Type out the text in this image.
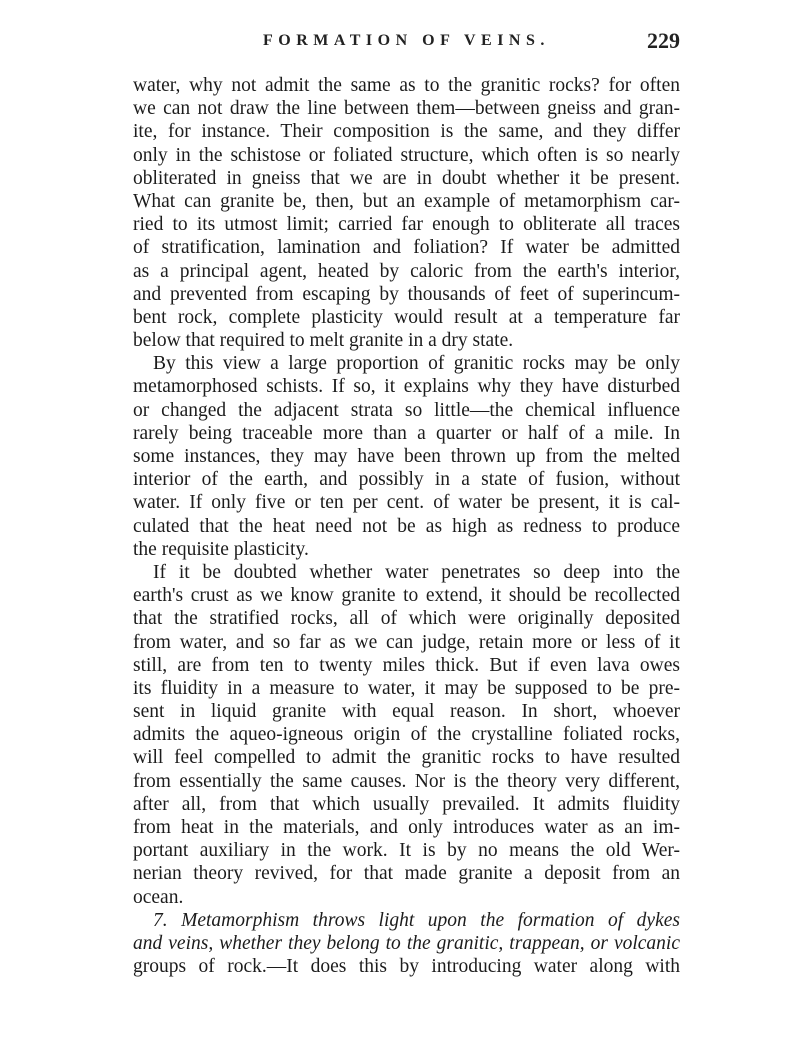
FORMATION OF VEINS.	229
water, why not admit the same as to the granitic rocks? for often
we can not draw the line between them—between gneiss and gran-
ite, for instance. Their composition is the same, and they differ
only in the schistose or foliated structure, which often is so nearly
obliterated in gneiss that we are in doubt whether it be present.
What can granite be, then, but an example of metamorphism car-
ried to its utmost limit; carried far enough to obliterate all traces
of stratification, lamination and foliation? If water be admitted
as a principal agent, heated by caloric from the earth's interior,
and prevented from escaping by thousands of feet of superincum-
bent rock, complete plasticity would result at a temperature far
below that required to melt granite in a dry state.
By this view a large proportion of granitic rocks may be only
metamorphosed schists. If so, it explains why they have disturbed
or changed the adjacent strata so little—the chemical influence
rarely being traceable more than a quarter or half of a mile. In
some instances, they may have been thrown up from the melted
interior of the earth, and possibly in a state of fusion, without
water. If only five or ten per cent. of water be present, it is cal-
culated that the heat need not be as high as redness to produce
the requisite plasticity.
If it be doubted whether water penetrates so deep into the
earth's crust as we know granite to extend, it should be recollected
that the stratified rocks, all of which were originally deposited
from water, and so far as we can judge, retain more or less of it
still, are from ten to twenty miles thick. But if even lava owes
its fluidity in a measure to water, it may be supposed to be pre-
sent in liquid granite with equal reason. In short, whoever
admits the aqueo-igneous origin of the crystalline foliated rocks,
will feel compelled to admit the granitic rocks to have resulted
from essentially the same causes. Nor is the theory very different,
after all, from that which usually prevailed. It admits fluidity
from heat in the materials, and only introduces water as an im-
portant auxiliary in the work. It is by no means the old Wer-
nerian theory revived, for that made granite a deposit from an
ocean.
7. Metamorphism throws light upon the formation of dykes
and veins, whether they belong to the granitic, trappean, or volcanic
groups of rock.—It does this by introducing water along with
